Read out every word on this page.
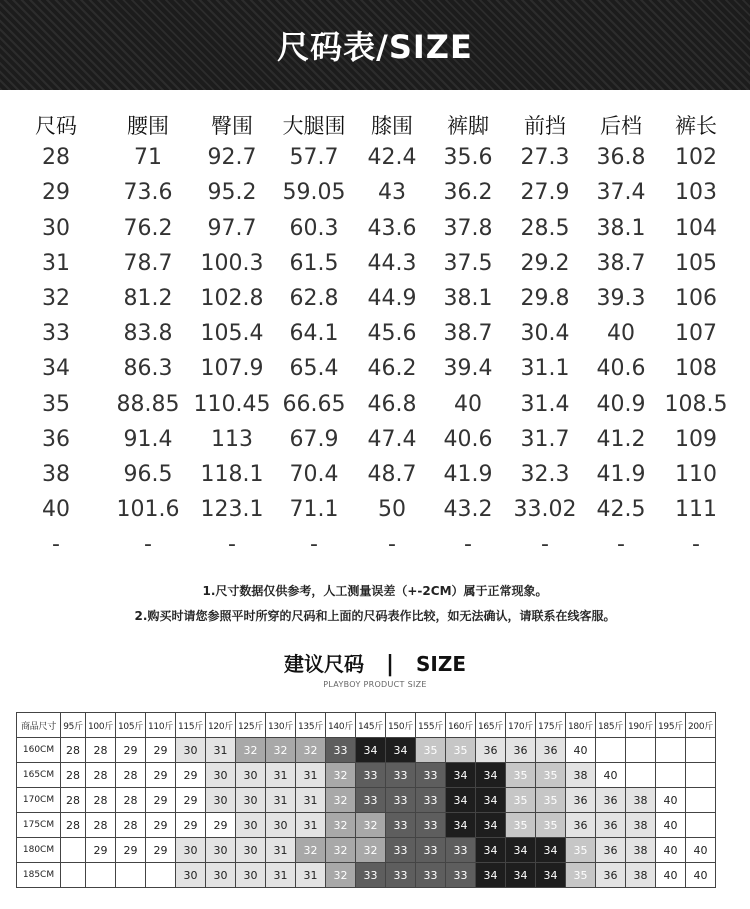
尺码表/SIZE
尺码 腰围 臀围 大腿围 膝围 裤脚 前挡 后档 裤长
28	71 92.7 57.7 42.4 35.6 27.3 36.8 102
29 73.6 95.2 59.05 43 36.2 27.9 37.4 103
30 76.2 97.7 60.3 43.6 37.8 28.5 38.1 104
31 78.7 100.3 61.5 44.3 37.5 29.2 38.7 105
32 81.2 102.8 62.8 44.9 38.1 29.8 39.3 106
33 83.8 105.4 64.1 45.6 38.7 30.4 40 107
34 86.3 107.9 65.4 46.2 39.4 31.1 40.6 108
35 88.85 110.45 66.65 46.8 40 31.4 40.9 108.5
36 91.4 113 67.9 47.4 40.6 31.7 41.2 109
38 96.5 118.1 70.4 48.7 41.9 32.3 41.9 110
40 101.6 123.1 71.1 50 43.2 33.02 42.5 111
-	-	-	-	-	-	-	-	-
1.尺寸数据仅供参考，人工测量误差（+-2CM）属于正常现象。
2.购买时请您参照平时所穿的尺码和上面的尺码表作比较，如无法确认，请联系在线客服。
建议尺码 | SIZE
PLAYBOY PRODUCT SIZE
商品尺寸	95斤	100斤	105斤	110斤	115斤	120斤	125斤	130斤	135斤	140斤	145斤	150斤	155斤	160斤	165斤	170斤	175斤	180斤	185斤	190斤	195斤	200斤
160CM	28	28	29	29	30	31	32	32	32	33	34	34	35	35	36	36	36	40				
165CM	28	28	28	29	29	30	30	31	31	32	33	33	33	34	34	35	35	38	40			
170CM	28	28	28	29	29	30	30	31	31	32	33	33	33	34	34	35	35	36	36	38	40	
175CM	28	28	28	29	29	29	30	30	31	32	32	33	33	34	34	35	35	36	36	38	40	
180CM		29	29	29	30	30	30	31	32	32	32	33	33	33	34	34	34	35	36	38	40	40
185CM					30	30	30	31	31	32	33	33	33	33	34	34	34	35	36	38	40	40
